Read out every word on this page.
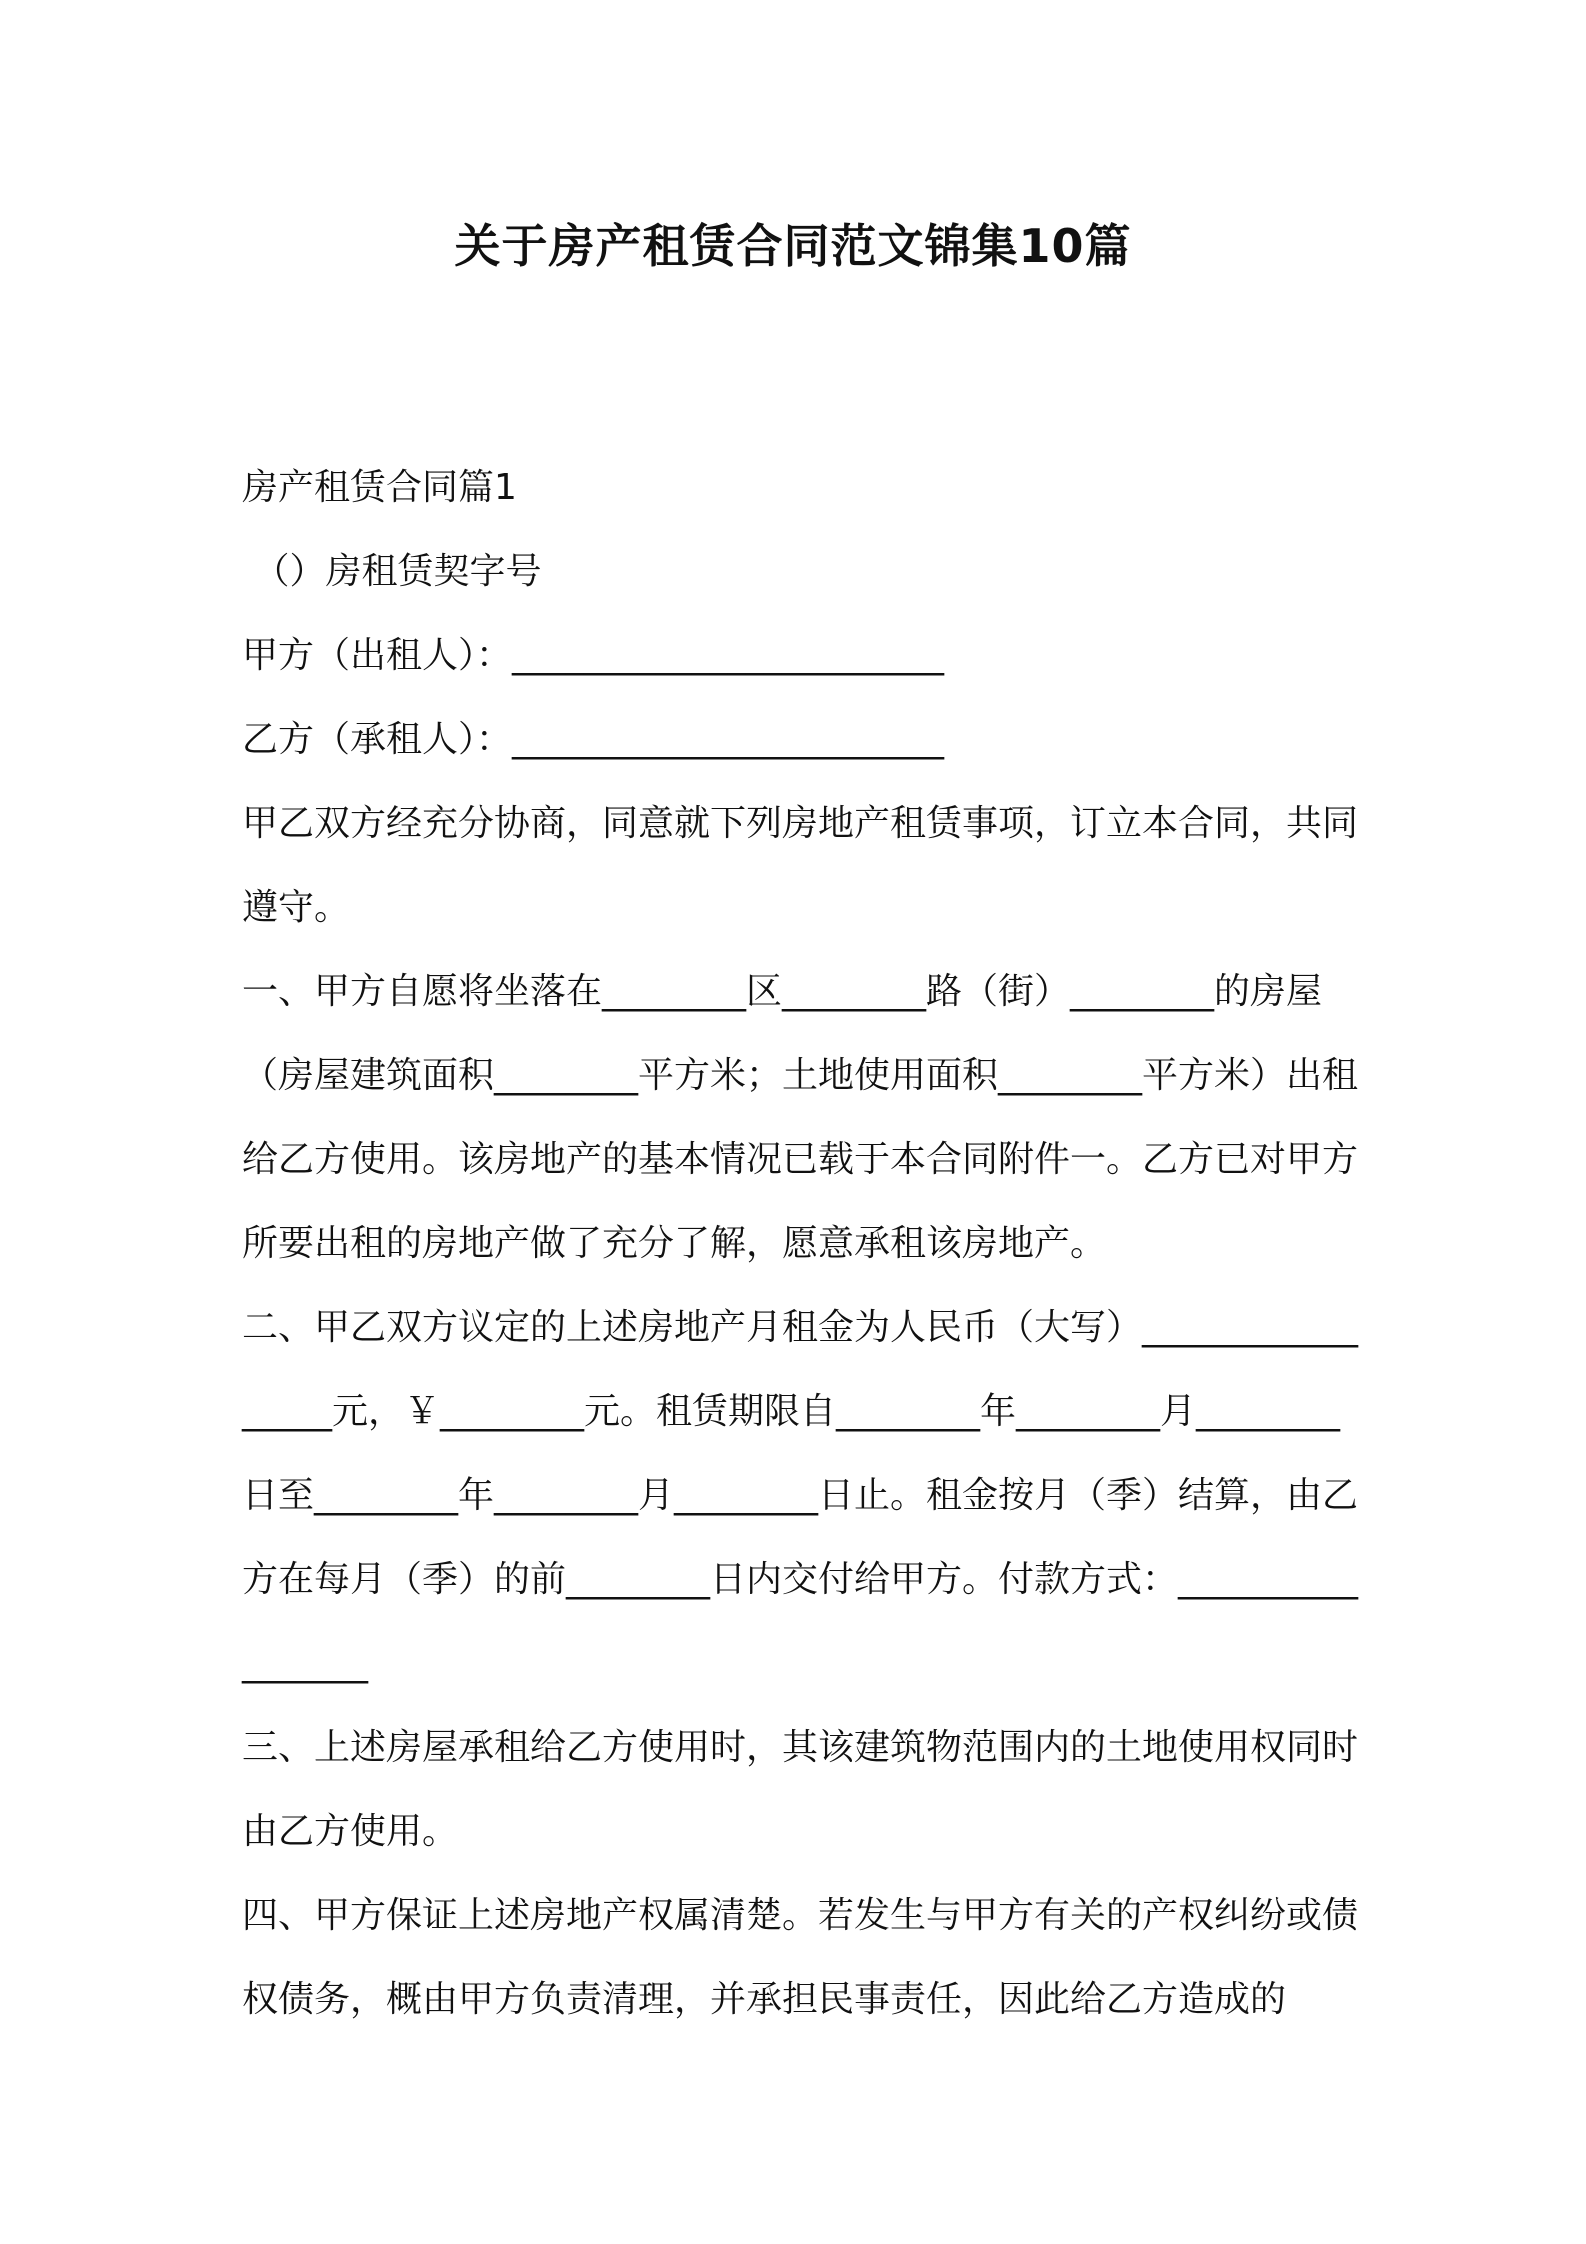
关于房产租赁合同范文锦集10篇

房产租赁合同篇1

（）房租赁契字号

甲方（出租人）：________________________

乙方（承租人）：________________________

甲乙双方经充分协商，同意就下列房地产租赁事项，订立本合同，共同遵守。

一、甲方自愿将坐落在________区________路（街）________的房屋（房屋建筑面积________平方米；土地使用面积________平方米）出租给乙方使用。该房地产的基本情况已载于本合同附件一。乙方已对甲方所要出租的房地产做了充分了解，愿意承租该房地产。

二、甲乙双方议定的上述房地产月租金为人民币（大写）_________________元，￥________元。租赁期限自________年________月________日至________年________月________日止。租金按月（季）结算，由乙方在每月（季）的前________日内交付给甲方。付款方式：_________________

三、上述房屋承租给乙方使用时，其该建筑物范围内的土地使用权同时由乙方使用。

四、甲方保证上述房地产权属清楚。若发生与甲方有关的产权纠纷或债权债务，概由甲方负责清理，并承担民事责任，因此给乙方造成的
